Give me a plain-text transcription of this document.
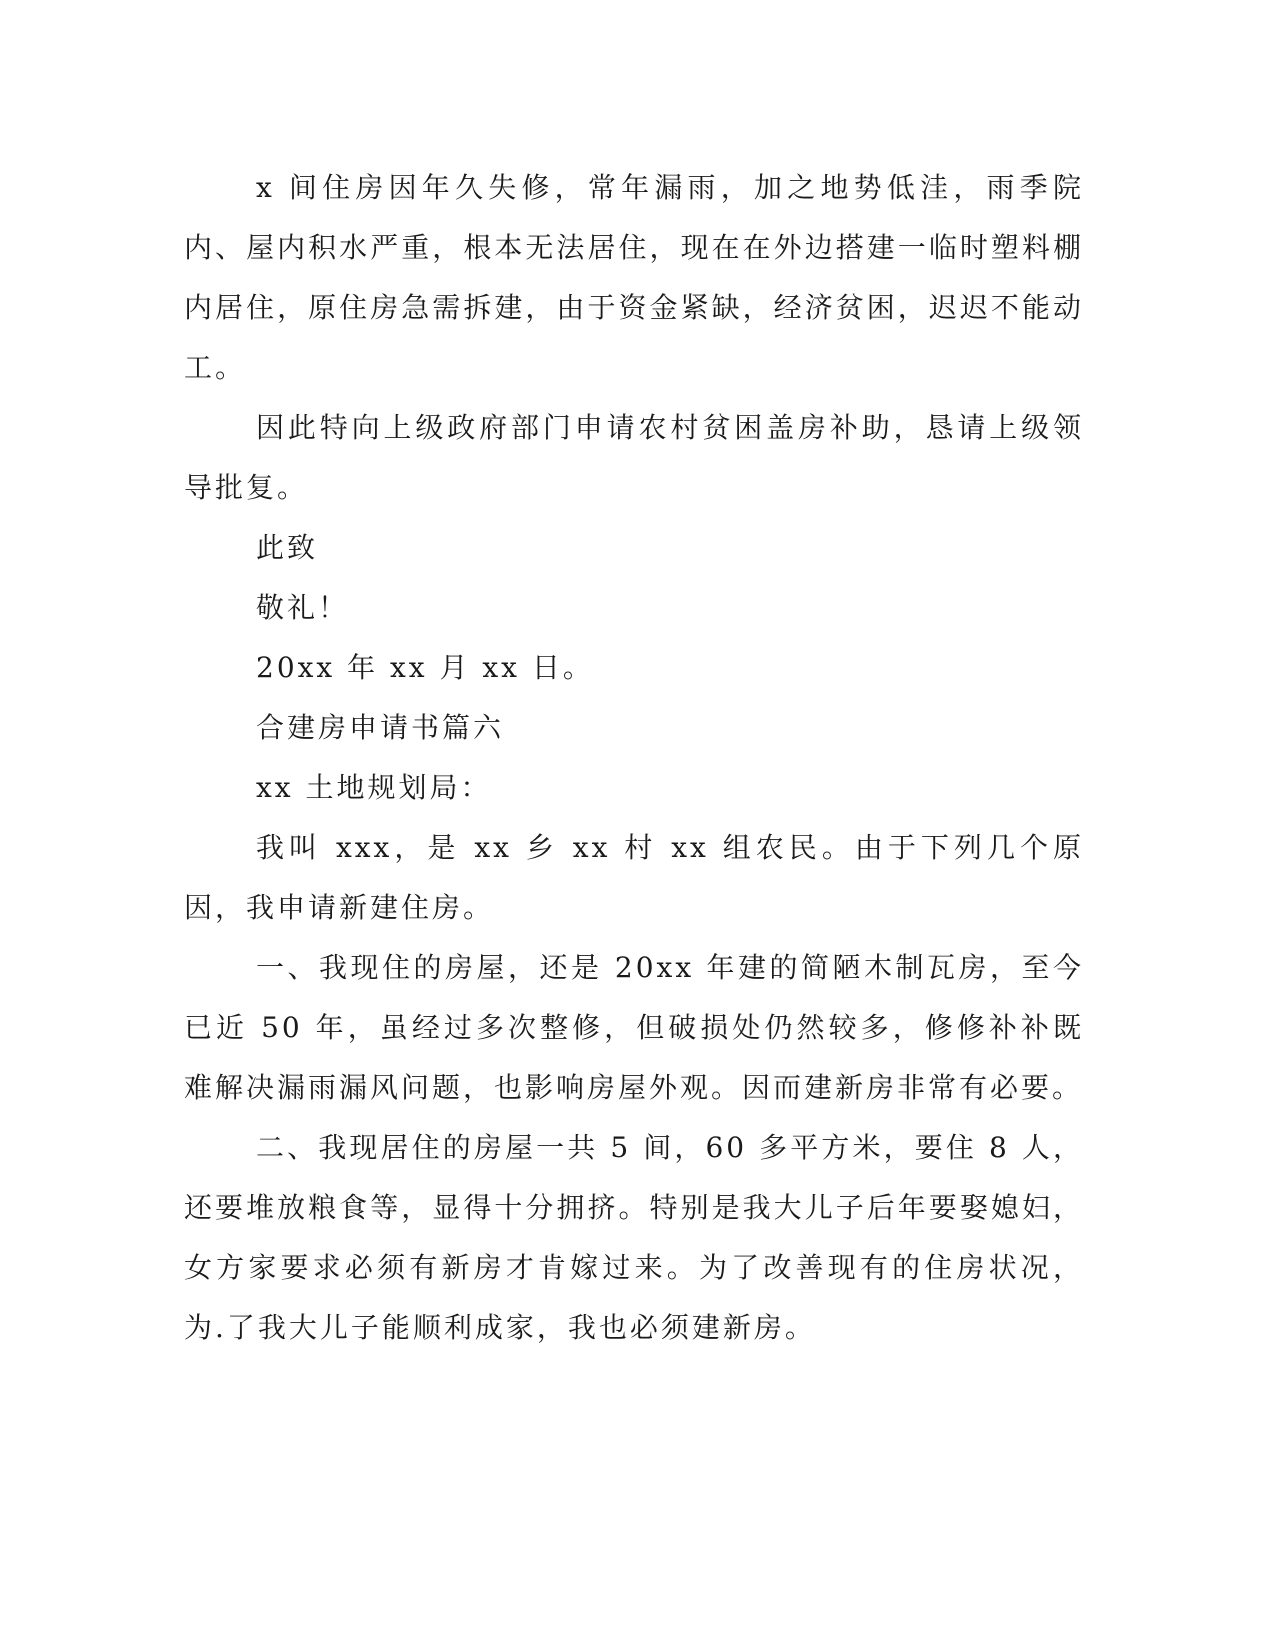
x 间住房因年久失修，常年漏雨，加之地势低洼，雨季院内、屋内积水严重，根本无法居住，现在在外边搭建一临时塑料棚内居住，原住房急需拆建，由于资金紧缺，经济贫困，迟迟不能动工。

因此特向上级政府部门申请农村贫困盖房补助，恳请上级领导批复。

此致

敬礼！

20xx 年 xx 月 xx 日。

合建房申请书篇六

xx 土地规划局：

我叫 xxx，是 xx 乡 xx 村 xx 组农民。由于下列几个原因，我申请新建住房。

一、我现住的房屋，还是 20xx 年建的简陋木制瓦房，至今已近 50 年，虽经过多次整修，但破损处仍然较多，修修补补既难解决漏雨漏风问题，也影响房屋外观。因而建新房非常有必要。

二、我现居住的房屋一共 5 间，60 多平方米，要住 8 人，还要堆放粮食等，显得十分拥挤。特别是我大儿子后年要娶媳妇，女方家要求必须有新房才肯嫁过来。为了改善现有的住房状况，为.了我大儿子能顺利成家，我也必须建新房。
